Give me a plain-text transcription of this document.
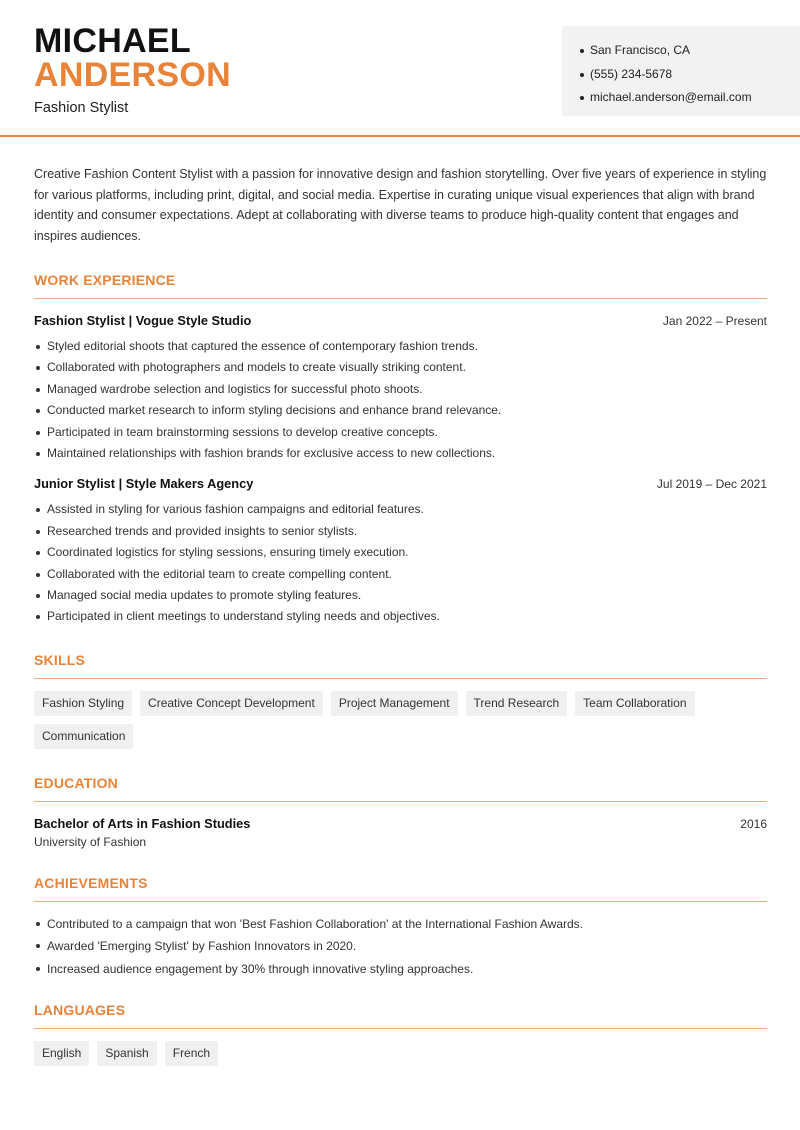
MICHAEL
ANDERSON
Fashion Stylist
San Francisco, CA
(555) 234-5678
michael.anderson@email.com

Creative Fashion Content Stylist with a passion for innovative design and fashion storytelling. Over five years of experience in styling for various platforms, including print, digital, and social media. Expertise in curating unique visual experiences that align with brand identity and consumer expectations. Adept at collaborating with diverse teams to produce high-quality content that engages and inspires audiences.

WORK EXPERIENCE
Fashion Stylist | Vogue Style Studio	Jan 2022 – Present
Styled editorial shoots that captured the essence of contemporary fashion trends.
Collaborated with photographers and models to create visually striking content.
Managed wardrobe selection and logistics for successful photo shoots.
Conducted market research to inform styling decisions and enhance brand relevance.
Participated in team brainstorming sessions to develop creative concepts.
Maintained relationships with fashion brands for exclusive access to new collections.
Junior Stylist | Style Makers Agency	Jul 2019 – Dec 2021
Assisted in styling for various fashion campaigns and editorial features.
Researched trends and provided insights to senior stylists.
Coordinated logistics for styling sessions, ensuring timely execution.
Collaborated with the editorial team to create compelling content.
Managed social media updates to promote styling features.
Participated in client meetings to understand styling needs and objectives.
SKILLS
Fashion Styling	Creative Concept Development	Project Management	Trend Research	Team Collaboration
Communication
EDUCATION
Bachelor of Arts in Fashion Studies	2016
University of Fashion
ACHIEVEMENTS
Contributed to a campaign that won 'Best Fashion Collaboration' at the International Fashion Awards.
Awarded 'Emerging Stylist' by Fashion Innovators in 2020.
Increased audience engagement by 30% through innovative styling approaches.
LANGUAGES
English	Spanish	French
